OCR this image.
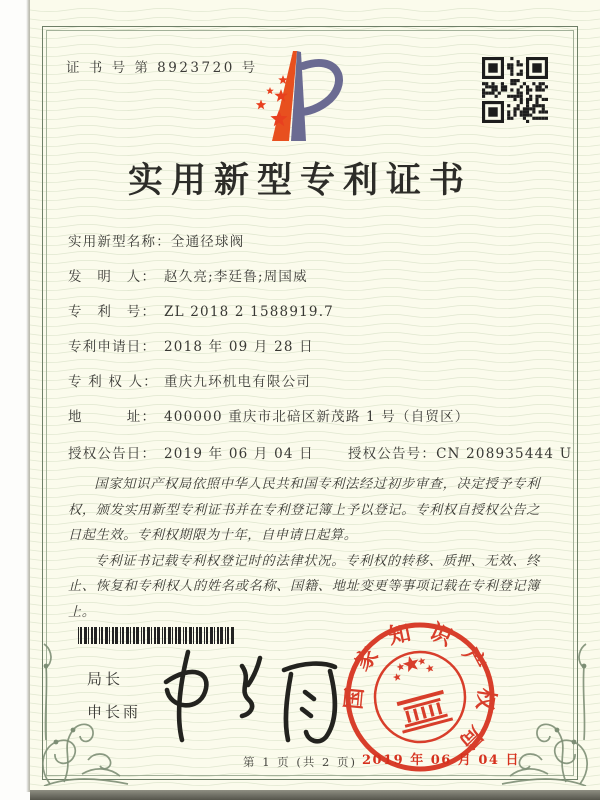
证 书 号 第 8923720 号
实用新型专利证书
实用新型名称：全通径球阀
发　明　人： 赵久亮;李廷鲁;周国威
专　利　号： ZL 2018 2 1588919.7
专利申请日： 2018 年 09 月 28 日
专 利 权 人： 重庆九环机电有限公司
地　　　址： 400000 重庆市北碚区新茂路 1 号（自贸区）
授权公告日： 2019 年 06 月 04 日	授权公告号：CN 208935444 U

国家知识产权局依照中华人民共和国专利法经过初步审查，决定授予专利权，颁发实用新型专利证书并在专利登记簿上予以登记。专利权自授权公告之日起生效。专利权期限为十年，自申请日起算。

专利证书记载专利权登记时的法律状况。专利权的转移、质押、无效、终止、恢复和专利权人的姓名或名称、国籍、地址变更等事项记载在专利登记簿上。

局长
申长雨
国家知识产权局
2019 年 06 月 04 日
第 1 页 (共 2 页)
